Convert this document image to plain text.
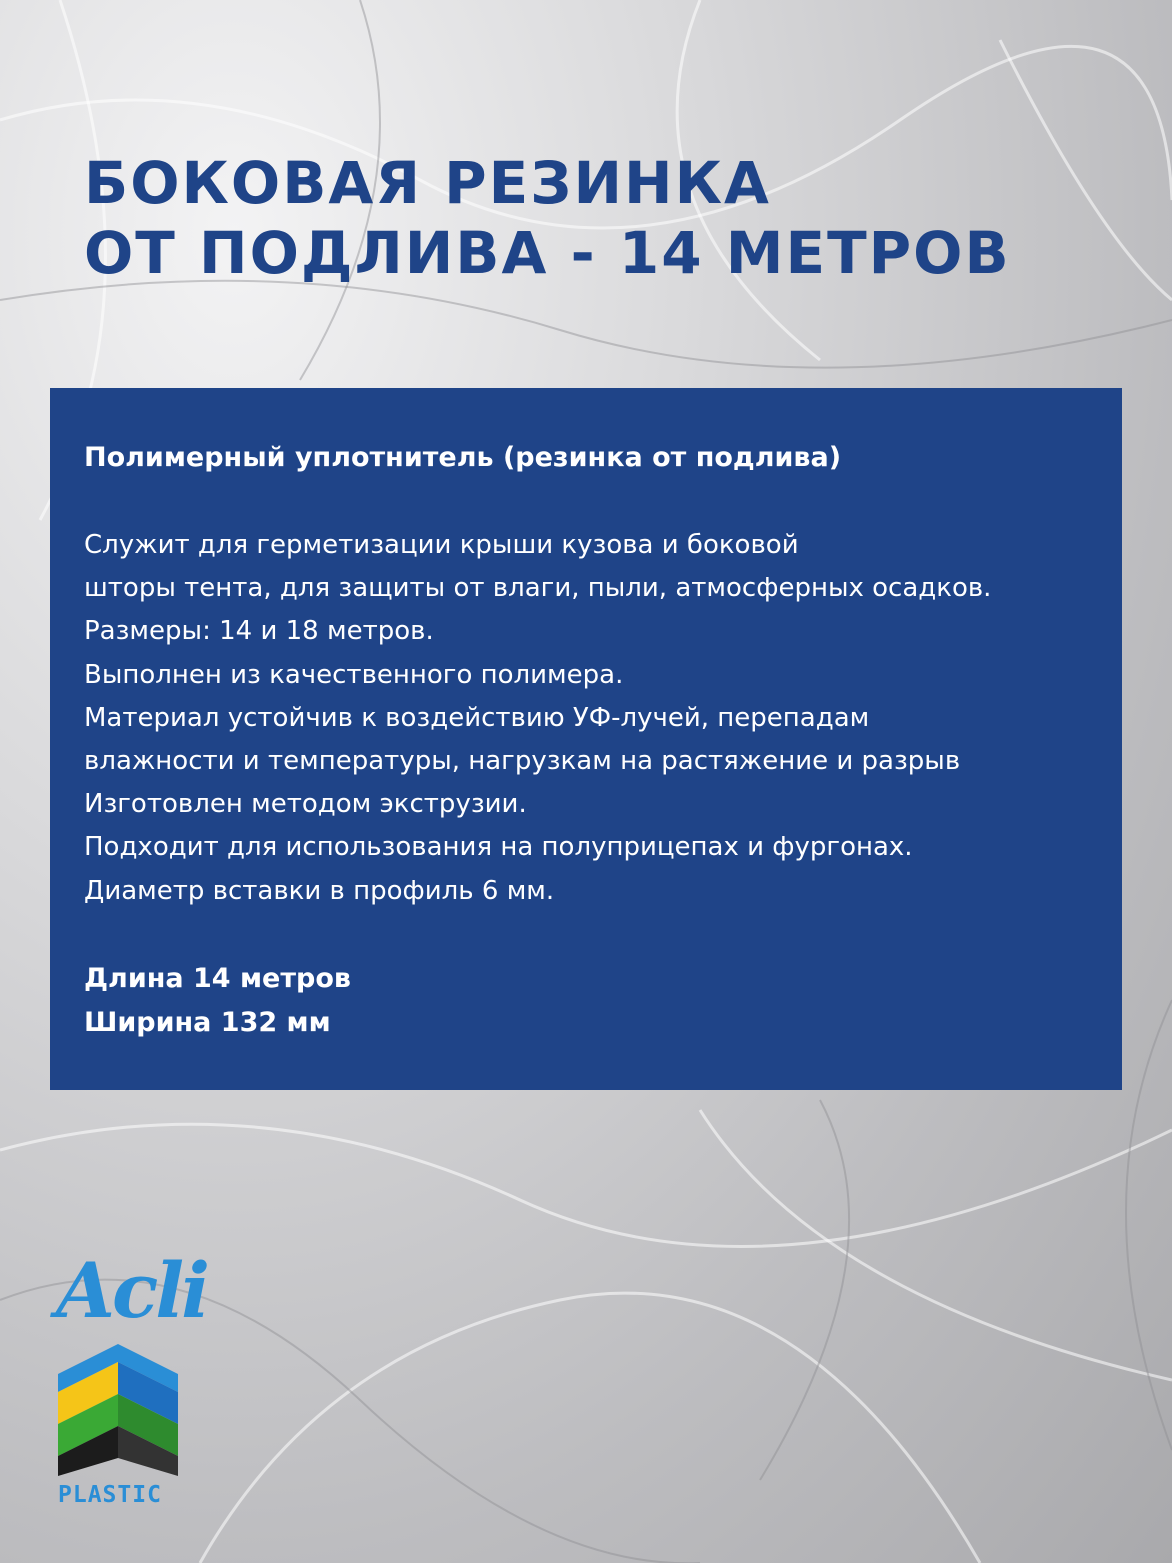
БОКОВАЯ РЕЗИНКА
ОТ ПОДЛИВА - 14 МЕТРОВ
Полимерный уплотнитель (резинка от подлива)
Служит для герметизации крыши кузова и боковой
шторы тента, для защиты от влаги, пыли, атмосферных осадков.
Размеры: 14 и 18 метров.
Выполнен из качественного полимера.
Материал устойчив к воздействию УФ-лучей, перепадам
влажности и температуры, нагрузкам на растяжение и разрыв
Изготовлен методом экструзии.
Подходит для использования на полуприцепах и фургонах.
Диаметр вставки в профиль 6 мм.
Длина 14 метров
Ширина 132 мм
Acli
PLASTIC
